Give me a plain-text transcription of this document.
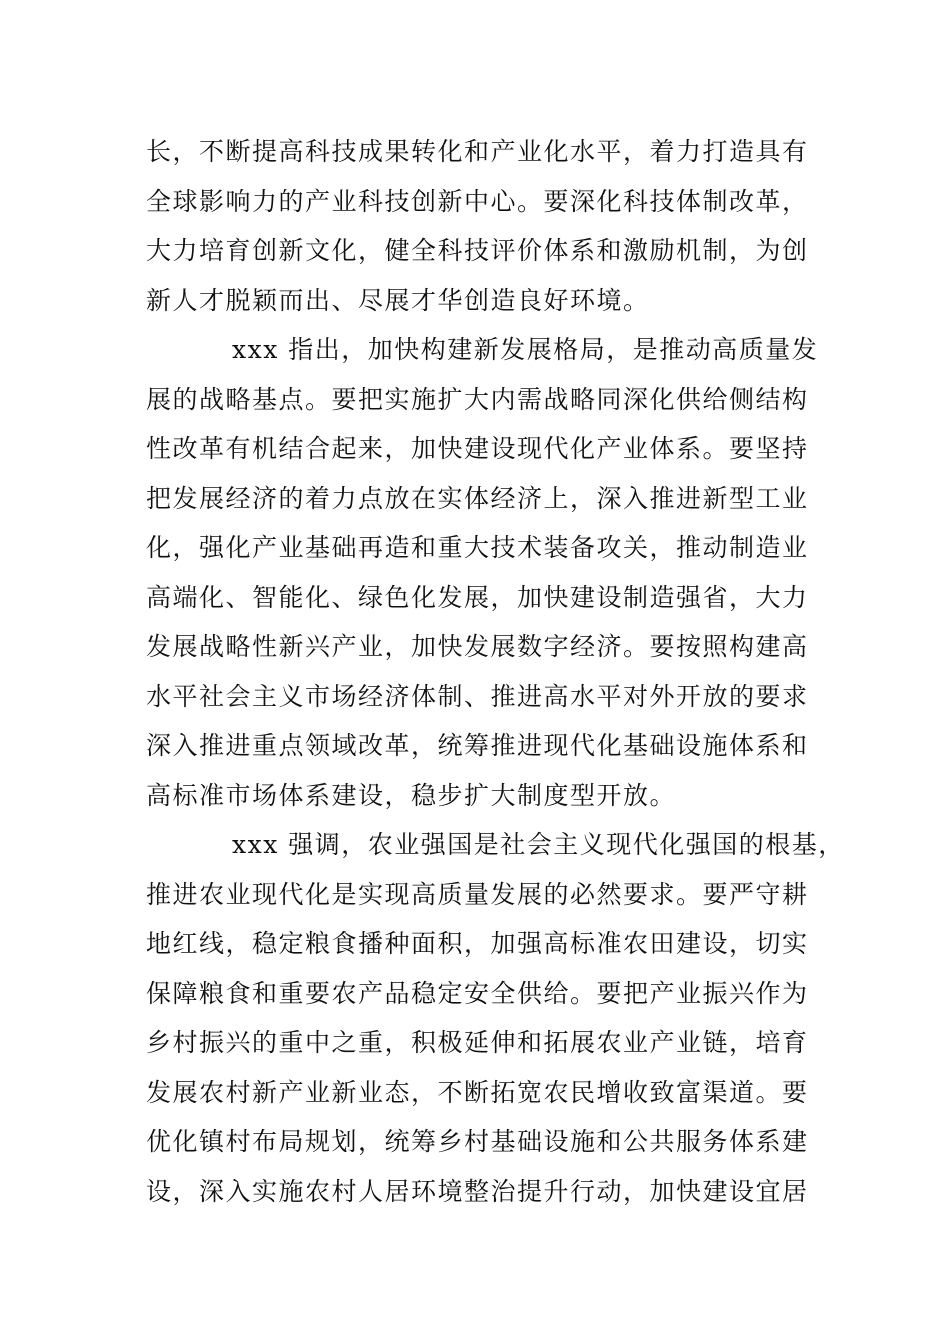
长，不断提高科技成果转化和产业化水平，着力打造具有
全球影响力的产业科技创新中心。要深化科技体制改革，
大力培育创新文化，健全科技评价体系和激励机制，为创
新人才脱颖而出、尽展才华创造良好环境。
xxx 指出，加快构建新发展格局，是推动高质量发
展的战略基点。要把实施扩大内需战略同深化供给侧结构
性改革有机结合起来，加快建设现代化产业体系。要坚持
把发展经济的着力点放在实体经济上，深入推进新型工业
化，强化产业基础再造和重大技术装备攻关，推动制造业
高端化、智能化、绿色化发展，加快建设制造强省，大力
发展战略性新兴产业，加快发展数字经济。要按照构建高
水平社会主义市场经济体制、推进高水平对外开放的要求
深入推进重点领域改革，统筹推进现代化基础设施体系和
高标准市场体系建设，稳步扩大制度型开放。
xxx 强调，农业强国是社会主义现代化强国的根基，
推进农业现代化是实现高质量发展的必然要求。要严守耕
地红线，稳定粮食播种面积，加强高标准农田建设，切实
保障粮食和重要农产品稳定安全供给。要把产业振兴作为
乡村振兴的重中之重，积极延伸和拓展农业产业链，培育
发展农村新产业新业态，不断拓宽农民增收致富渠道。要
优化镇村布局规划，统筹乡村基础设施和公共服务体系建
设，深入实施农村人居环境整治提升行动，加快建设宜居
